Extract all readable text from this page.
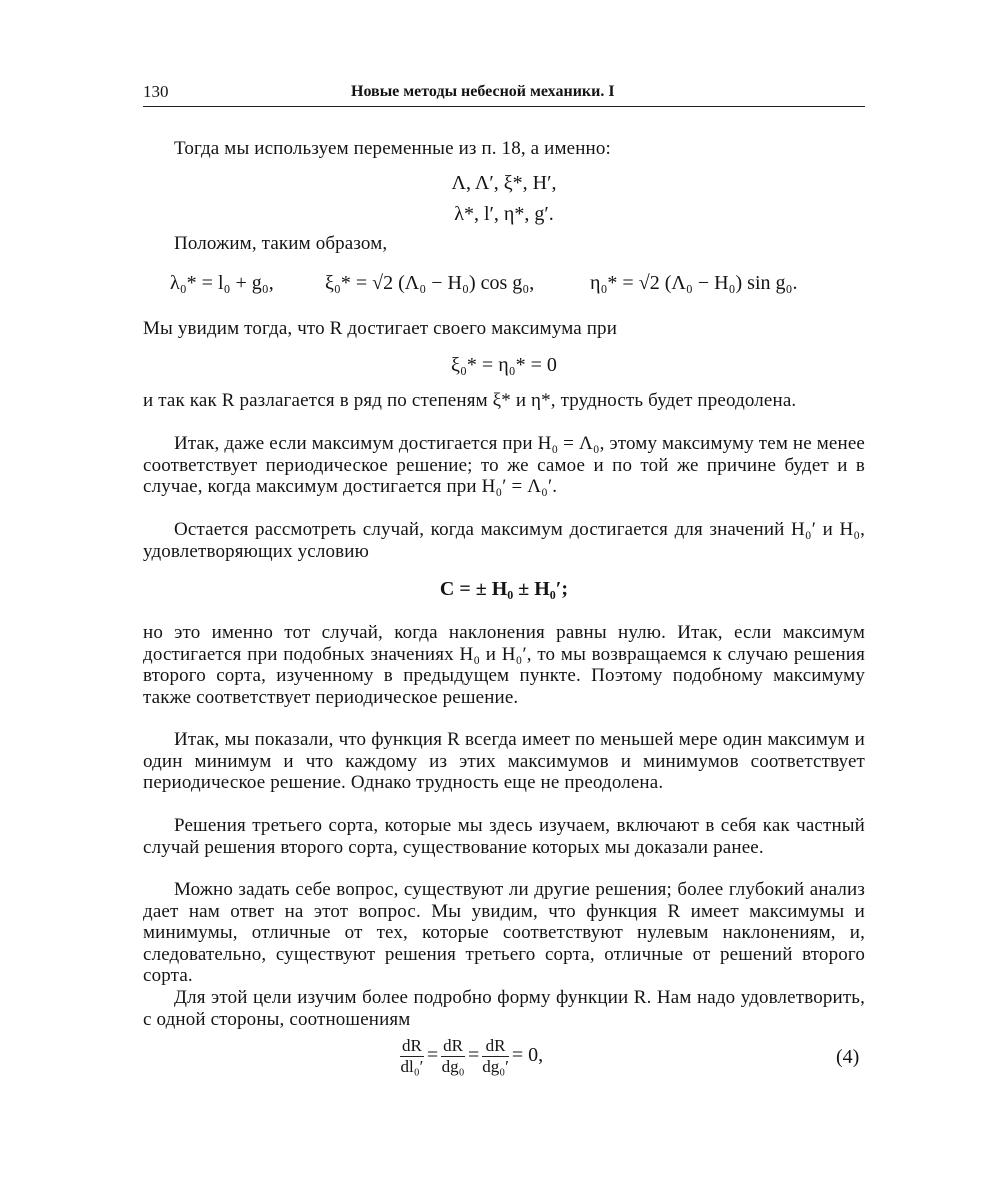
130	Новые методы небесной механики. I
Тогда мы используем переменные из п. 18, а именно:
Λ, Λ′, ξ*, H′,
λ*, l′, η*, g′.
Положим, таким образом,
λ₀* = l₀ + g₀,	ξ₀* = √2 (Λ₀ − H₀) cos g₀,	η₀* = √2 (Λ₀ − H₀) sin g₀.
Мы увидим тогда, что R достигает своего максимума при
ξ₀* = η₀* = 0
и так как R разлагается в ряд по степеням ξ* и η*, трудность будет преодолена.
Итак, даже если максимум достигается при H₀ = Λ₀, этому максимуму тем не менее соответствует периодическое решение; то же самое и по той же причине будет и в случае, когда максимум достигается при H₀′ = Λ₀′.
Остается рассмотреть случай, когда максимум достигается для значений H₀′ и H₀, удовлетворяющих условию
C = ± H₀ ± H₀′;
но это именно тот случай, когда наклонения равны нулю. Итак, если максимум достигается при подобных значениях H₀ и H₀′, то мы возвращаемся к случаю решения второго сорта, изученному в предыдущем пункте. Поэтому подобному максимуму также соответствует периодическое решение.
Итак, мы показали, что функция R всегда имеет по меньшей мере один максимум и один минимум и что каждому из этих максимумов и минимумов соответствует периодическое решение. Однако трудность еще не преодолена.
Решения третьего сорта, которые мы здесь изучаем, включают в себя как частный случай решения второго сорта, существование которых мы доказали ранее.
Можно задать себе вопрос, существуют ли другие решения; более глубокий анализ дает нам ответ на этот вопрос. Мы увидим, что функция R имеет максимумы и минимумы, отличные от тех, которые соответствуют нулевым наклонениям, и, следовательно, существуют решения третьего сорта, отличные от решений второго сорта.
Для этой цели изучим более подробно форму функции R. Нам надо удовлетворить, с одной стороны, соотношениям
$\frac{dR}{\text{dl₀′}} = \frac{dR}{\text{dg₀}} = \frac{dR}{\text{dg₀′}} = 0$,	(4)
